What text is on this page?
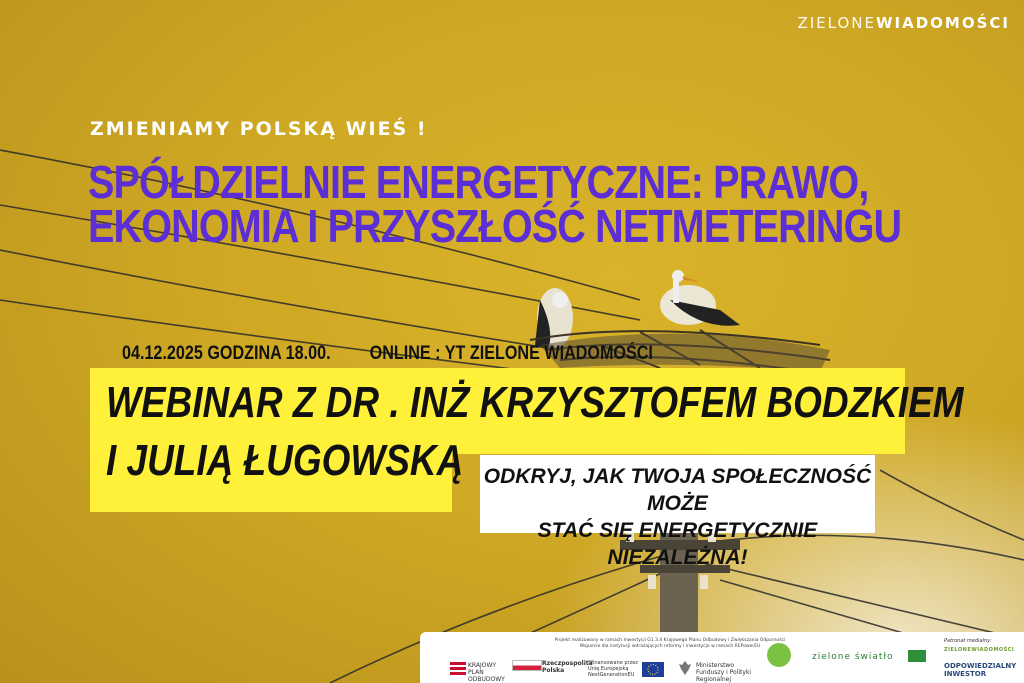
ZIELONEWIADOMOŚCI
ZMIENIAMY POLSKĄ WIEŚ !
SPÓŁDZIELNIE ENERGETYCZNE: PRAWO,
EKONOMIA I PRZYSZŁOŚĆ NETMETERINGU
04.12.2025 GODZINA 18.00. ONLINE : YT ZIELONE WIADOMOŚCI
WEBINAR Z DR . INŻ KRZYSZTOFEM BODZKIEM
I JULIĄ ŁUGOWSKĄ ODKRYJ, JAK TWOJA SPOŁECZNOŚĆ MOŻE
STAĆ SIĘ ENERGETYCZNIE NIEZALEŻNA!
Projekt realizowany w ramach Inwestycji G1.3.4 Krajowego Planu Odbudowy i Zwiększania Odporności
Wsparcie dla instytucji wdrażających reformy i inwestycje w ramach REPowerEU
KRAJOWY PLAN ODBUDOWY
Rzeczpospolita Polska
Sfinansowane przez Unię Europejską NextGenerationEU
Ministerstwo Funduszy i Polityki Regionalnej
zielone światło
Patronat medialny:
ZIELONEWIADOMOŚCI
ODPOWIEDZIALNY INWESTOR
